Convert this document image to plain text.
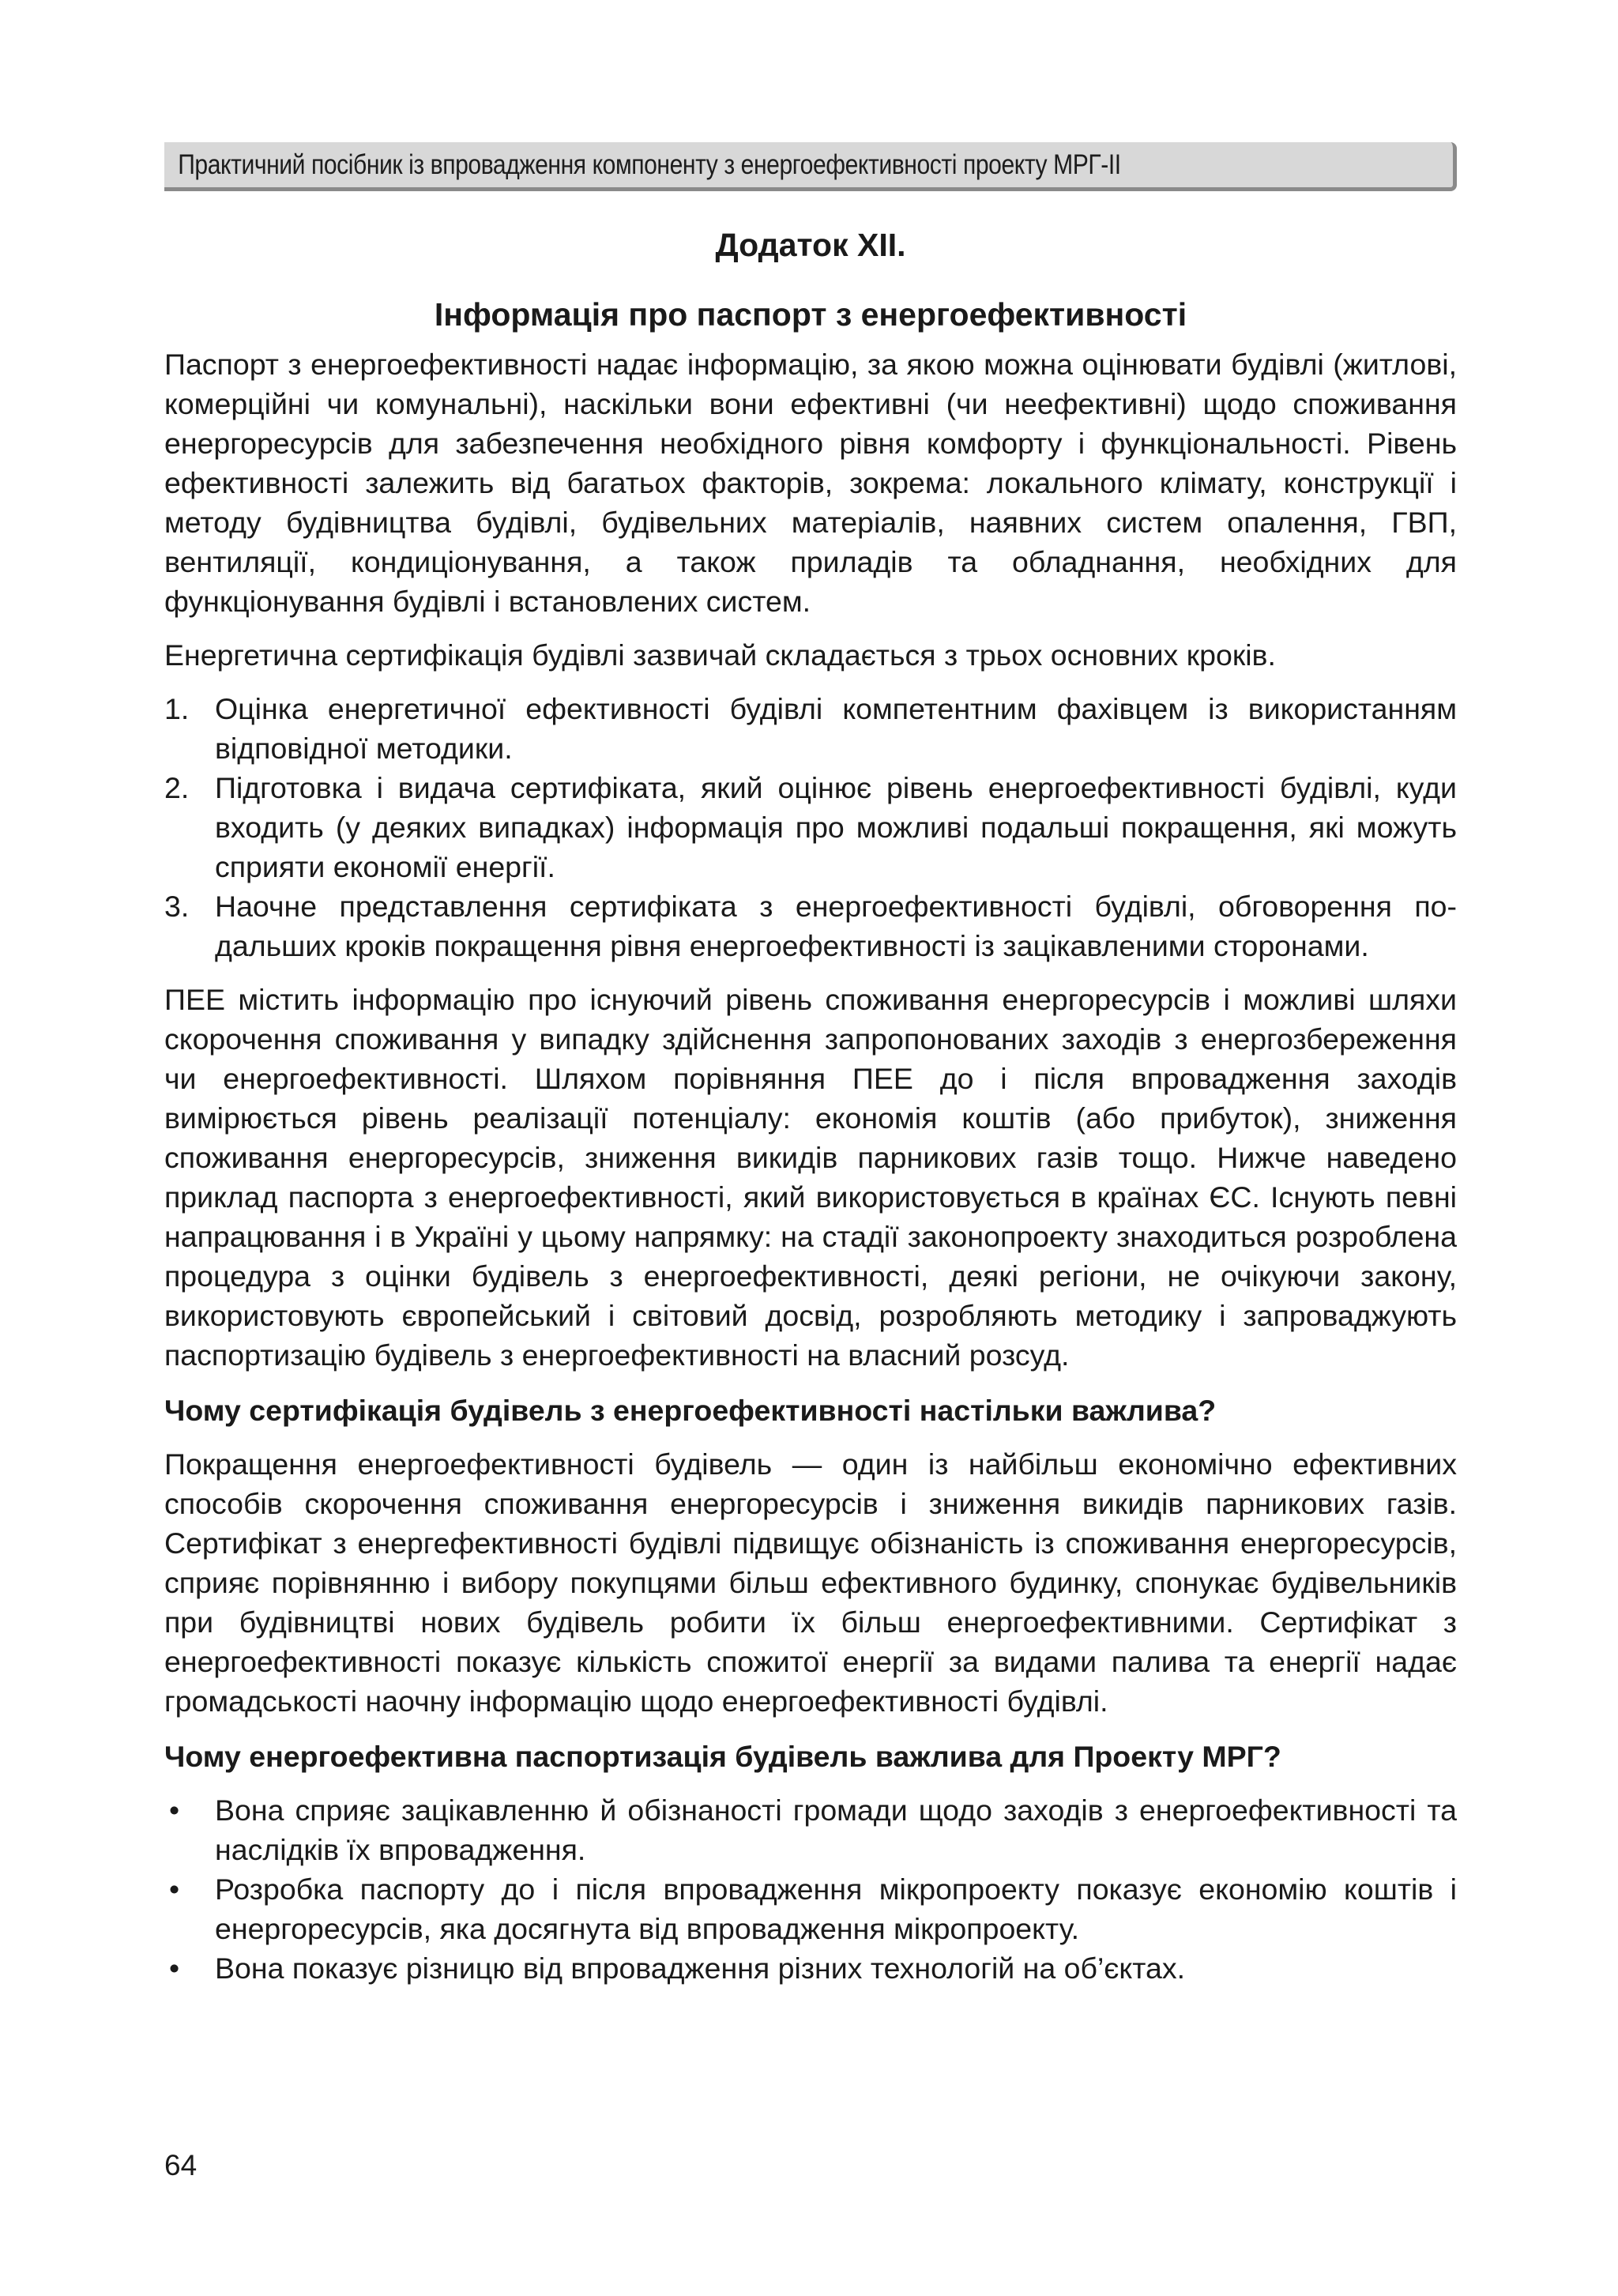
Практичний посібник із впровадження компоненту з енергоефективності проекту МРГ-ІІ
Додаток XII.
Інформація про паспорт з енергоефективності

Паспорт з енергоефективності надає інформацію, за якою можна оцінювати будівлі (житлові, комерційні чи комунальні), наскільки вони ефективні (чи неефективні) щодо споживання енергоресурсів для забезпечення необхідного рівня комфорту і функціональності. Рівень ефективності залежить від багатьох факторів, зокрема: локального клімату, конструкції і методу будівництва будівлі, будівельних матеріалів, наявних систем опалення, ГВП, вентиляції, кондиціонування, а також приладів та обладнання, необхідних для функціонування будівлі і встановлених систем.

Енергетична сертифікація будівлі зазвичай складається з трьох основних кроків.

1. Оцінка енергетичної ефективності будівлі компетентним фахівцем із використанням відповідної методики.
2. Підготовка і видача сертифіката, який оцінює рівень енергоефективності будівлі, куди входить (у деяких випадках) інформація про можливі подальші покращення, які можуть сприяти економії енергії.
3. Наочне представлення сертифіката з енергоефективності будівлі, обговорення подальших кроків покращення рівня енергоефективності із зацікавленими сторонами.

ПЕЕ містить інформацію про існуючий рівень споживання енергоресурсів і можливі шляхи скорочення споживання у випадку здійснення запропонованих заходів з енергозбереження чи енергоефективності. Шляхом порівняння ПЕЕ до і після впровадження заходів вимірюється рівень реалізації потенціалу: економія коштів (або прибуток), зниження споживання енергоресурсів, зниження викидів парникових газів тощо. Нижче наведено приклад паспорта з енергоефективності, який використовується в країнах ЄС. Існують певні напрацювання і в Україні у цьому напрямку: на стадії законопроекту знаходиться розроблена процедура з оцінки будівель з енергоефективності, деякі регіони, не очікуючи закону, використовують європейський і світовий досвід, розробляють методику і запроваджують паспортизацію будівель з енергоефективності на власний розсуд.

Чому сертифікація будівель з енергоефективності настільки важлива?

Покращення енергоефективності будівель — один із найбільш економічно ефективних способів скорочення споживання енергоресурсів і зниження викидів парникових газів. Сертифікат з енергефективності будівлі підвищує обізнаність із споживання енергоресурсів, сприяє порівнянню і вибору покупцями більш ефективного будинку, спонукає будівельників при будівництві нових будівель робити їх більш енергоефективними. Сертифікат з енергоефективності показує кількість спожитої енергії за видами палива та енергії надає громадськості наочну інформацію щодо енергоефективності будівлі.

Чому енергоефективна паспортизація будівель важлива для Проекту МРГ?

• Вона сприяє зацікавленню й обізнаності громади щодо заходів з енергоефективності та наслідків їх впровадження.
• Розробка паспорту до і після впровадження мікропроекту показує економію коштів і енергоресурсів, яка досягнута від впровадження мікропроекту.
• Вона показує різницю від впровадження різних технологій на об’єктах.
64
